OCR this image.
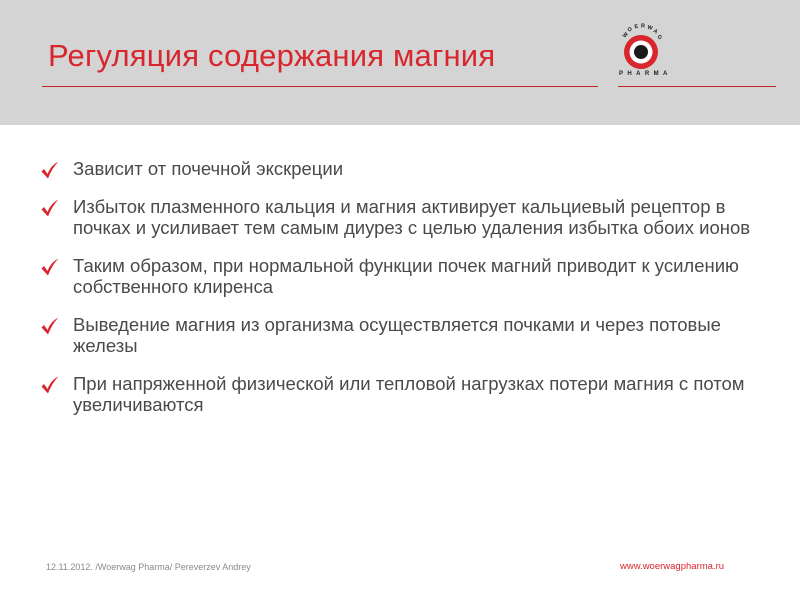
Регуляция содержания магния
W
O E R W
A
G
PHARMA
Зависит от почечной экскреции
Избыток плазменного кальция и магния активирует кальциевый рецептор в почках и усиливает тем самым диурез с целью удаления избытка обоих ионов
Таким образом, при нормальной функции почек магний приводит к усилению собственного клиренса
Выведение магния из организма осуществляется почками и через потовые железы
При напряженной физической или тепловой нагрузках потери магния с потом увеличиваются
12.11.2012. /Woerwag Pharma/ Pereverzev Andrey	www.woerwagpharma.ru
